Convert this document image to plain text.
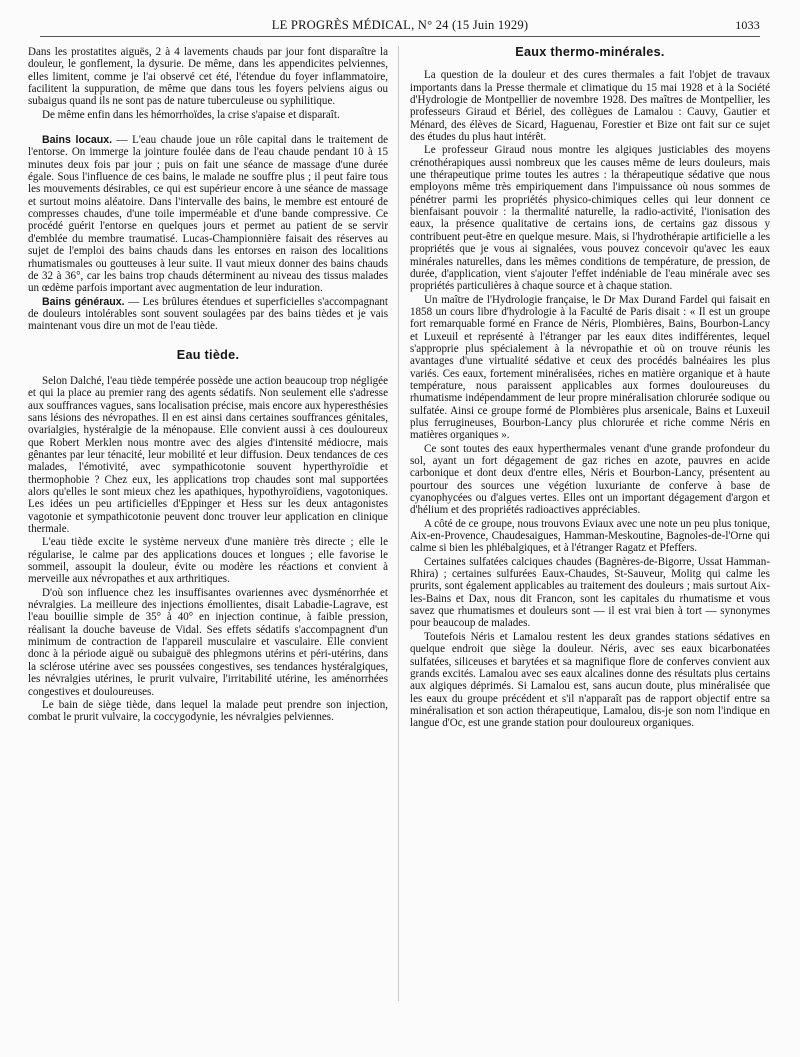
LE PROGRÈS MÉDICAL, N° 24 (15 Juin 1929)	1033

Dans les prostatites aiguës, 2 à 4 lavements chauds par jour font disparaître la douleur, le gonflement, la dysurie. De même, dans les appendicites pelviennes, elles limitent, comme je l'ai observé cet été, l'étendue du foyer inflammatoire, facilitent la suppuration, de même que dans tous les foyers pelviens aigus ou subaigus quand ils ne sont pas de nature tuberculeuse ou syphilitique.

De même enfin dans les hémorrhoïdes, la crise s'apaise et disparaît.

Bains locaux. — L'eau chaude joue un rôle capital dans le traitement de l'entorse. On immerge la jointure foulée dans de l'eau chaude pendant 10 à 15 minutes deux fois par jour ; puis on fait une séance de massage d'une durée égale. Sous l'influence de ces bains, le malade ne souffre plus ; il peut faire tous les mouvements désirables, ce qui est supérieur encore à une séance de massage et surtout moins aléatoire. Dans l'intervalle des bains, le membre est entouré de compresses chaudes, d'une toile imperméable et d'une bande compressive. Ce procédé guérit l'entorse en quelques jours et permet au patient de se servir d'emblée du membre traumatisé. Lucas-Championnière faisait des réserves au sujet de l'emploi des bains chauds dans les entorses en raison des localitions rhumatismales ou goutteuses à leur suite. Il vaut mieux donner des bains chauds de 32 à 36°, car les bains trop chauds déterminent au niveau des tissus malades un œdème parfois important avec augmentation de leur induration.

Bains généraux. — Les brûlures étendues et superficielles s'accompagnant de douleurs intolérables sont souvent soulagées par des bains tièdes et je vais maintenant vous dire un mot de l'eau tiède.

Eau tiède.

Selon Dalché, l'eau tiède tempérée possède une action beaucoup trop négligée et qui la place au premier rang des agents sédatifs. Non seulement elle s'adresse aux souffrances vagues, sans localisation précise, mais encore aux hyperesthésies sans lésions des névropathes. Il en est ainsi dans certaines souffrances génitales, ovarialgies, hystéralgie de la ménopause. Elle convient aussi à ces douloureux que Robert Merklen nous montre avec des algies d'intensité médiocre, mais gênantes par leur ténacité, leur mobilité et leur diffusion. Deux tendances de ces malades, l'émotivité, avec sympathicotonie souvent hyperthyroïdie et thermophobie ? Chez eux, les applications trop chaudes sont mal supportées alors qu'elles le sont mieux chez les apathiques, hypothyroïdiens, vagotoniques. Les idées un peu artificielles d'Eppinger et Hess sur les deux antagonistes vagotonie et sympathicotonie peuvent donc trouver leur application en clinique thermale.

L'eau tiède excite le système nerveux d'une manière très directe ; elle le régularise, le calme par des applications douces et longues ; elle favorise le sommeil, assoupit la douleur, évite ou modère les réactions et convient à merveille aux névropathes et aux arthritiques.

D'où son influence chez les insuffisantes ovariennes avec dysménorrhée et névralgies. La meilleure des injections émollientes, disait Labadie-Lagrave, est l'eau bouillie simple de 35° à 40° en injection continue, à faible pression, réalisant la douche baveuse de Vidal. Ses effets sédatifs s'accompagnent d'un minimum de contraction de l'appareil musculaire et vasculaire. Elle convient donc à la période aiguë ou subaiguë des phlegmons utérins et péri-utérins, dans la sclérose utérine avec ses poussées congestives, ses tendances hystéralgiques, les névralgies utérines, le prurit vulvaire, l'irritabilité utérine, les aménorrhées congestives et douloureuses.

Le bain de siège tiède, dans lequel la malade peut prendre son injection, combat le prurit vulvaire, la coccygodynie, les névralgies pelviennes.

Eaux thermo-minérales.

La question de la douleur et des cures thermales a fait l'objet de travaux importants dans la Presse thermale et climatique du 15 mai 1928 et à la Société d'Hydrologie de Montpellier de novembre 1928. Des maîtres de Montpellier, les professeurs Giraud et Bériel, des collègues de Lamalou : Cauvy, Gautier et Ménard, des élèves de Sicard, Haguenau, Forestier et Bize ont fait sur ce sujet des études du plus haut intérêt.

Le professeur Giraud nous montre les algiques justiciables des moyens crénothérapiques aussi nombreux que les causes même de leurs douleurs, mais une thérapeutique prime toutes les autres : la thérapeutique sédative que nous employons même très empiriquement dans l'impuissance où nous sommes de pénétrer parmi les propriétés physico-chimiques celles qui leur donnent ce bienfaisant pouvoir : la thermalité naturelle, la radio-activité, l'ionisation des eaux, la présence qualitative de certains ions, de certains gaz dissous y contribuent peut-être en quelque mesure. Mais, si l'hydrothérapie artificielle a les propriétés que je vous ai signalées, vous pouvez concevoir qu'avec les eaux minérales naturelles, dans les mêmes conditions de température, de pression, de durée, d'application, vient s'ajouter l'effet indéniable de l'eau minérale avec ses propriétés particulières à chaque source et à chaque station.

Un maître de l'Hydrologie française, le Dr Max Durand Fardel qui faisait en 1858 un cours libre d'hydrologie à la Faculté de Paris disait : « Il est un groupe fort remarquable formé en France de Néris, Plombières, Bains, Bourbon-Lancy et Luxeuil et représenté à l'étranger par les eaux dites indifférentes, lequel s'approprie plus spécialement à la névropathie et où on trouve réunis les avantages d'une virtualité sédative et ceux des procédés balnéaires les plus variés. Ces eaux, fortement minéralisées, riches en matière organique et à haute température, nous paraissent applicables aux formes douloureuses du rhumatisme indépendamment de leur propre minéralisation chlorurée sodique ou sulfatée. Ainsi ce groupe formé de Plombières plus arsenicale, Bains et Luxeuil plus ferrugineuses, Bourbon-Lancy plus chlorurée et riche comme Néris en matières organiques ».

Ce sont toutes des eaux hyperthermales venant d'une grande profondeur du sol, ayant un fort dégagement de gaz riches en azote, pauvres en acide carbonique et dont deux d'entre elles, Néris et Bourbon-Lancy, présentent au pourtour des sources une végétion luxuriante de conferve à base de cyanophycées ou d'algues vertes. Elles ont un important dégagement d'argon et d'hélium et des propriétés radioactives appréciables.

A côté de ce groupe, nous trouvons Eviaux avec une note un peu plus tonique, Aix-en-Provence, Chaudesaigues, Hamman-Meskoutine, Bagnoles-de-l'Orne qui calme si bien les phlébalgiques, et à l'étranger Ragatz et Pfeffers.

Certaines sulfatées calciques chaudes (Bagnères-de-Bigorre, Ussat Hamman-Rhira) ; certaines sulfurées Eaux-Chaudes, St-Sauveur, Molitg qui calme les prurits, sont également applicables au traitement des douleurs ; mais surtout Aix-les-Bains et Dax, nous dit Francon, sont les capitales du rhumatisme et vous savez que rhumatismes et douleurs sont — il est vrai bien à tort — synonymes pour beaucoup de malades.

Toutefois Néris et Lamalou restent les deux grandes stations sédatives en quelque endroit que siège la douleur. Néris, avec ses eaux bicarbonatées sulfatées, siliceuses et barytées et sa magnifique flore de conferves convient aux grands excités. Lamalou avec ses eaux alcalines donne des résultats plus certains aux algiques déprimés. Si Lamalou est, sans aucun doute, plus minéralisée que les eaux du groupe précédent et s'il n'apparaît pas de rapport objectif entre sa minéralisation et son action thérapeutique, Lamalou, dis-je son nom l'indique en langue d'Oc, est une grande station pour douloureux organiques.
